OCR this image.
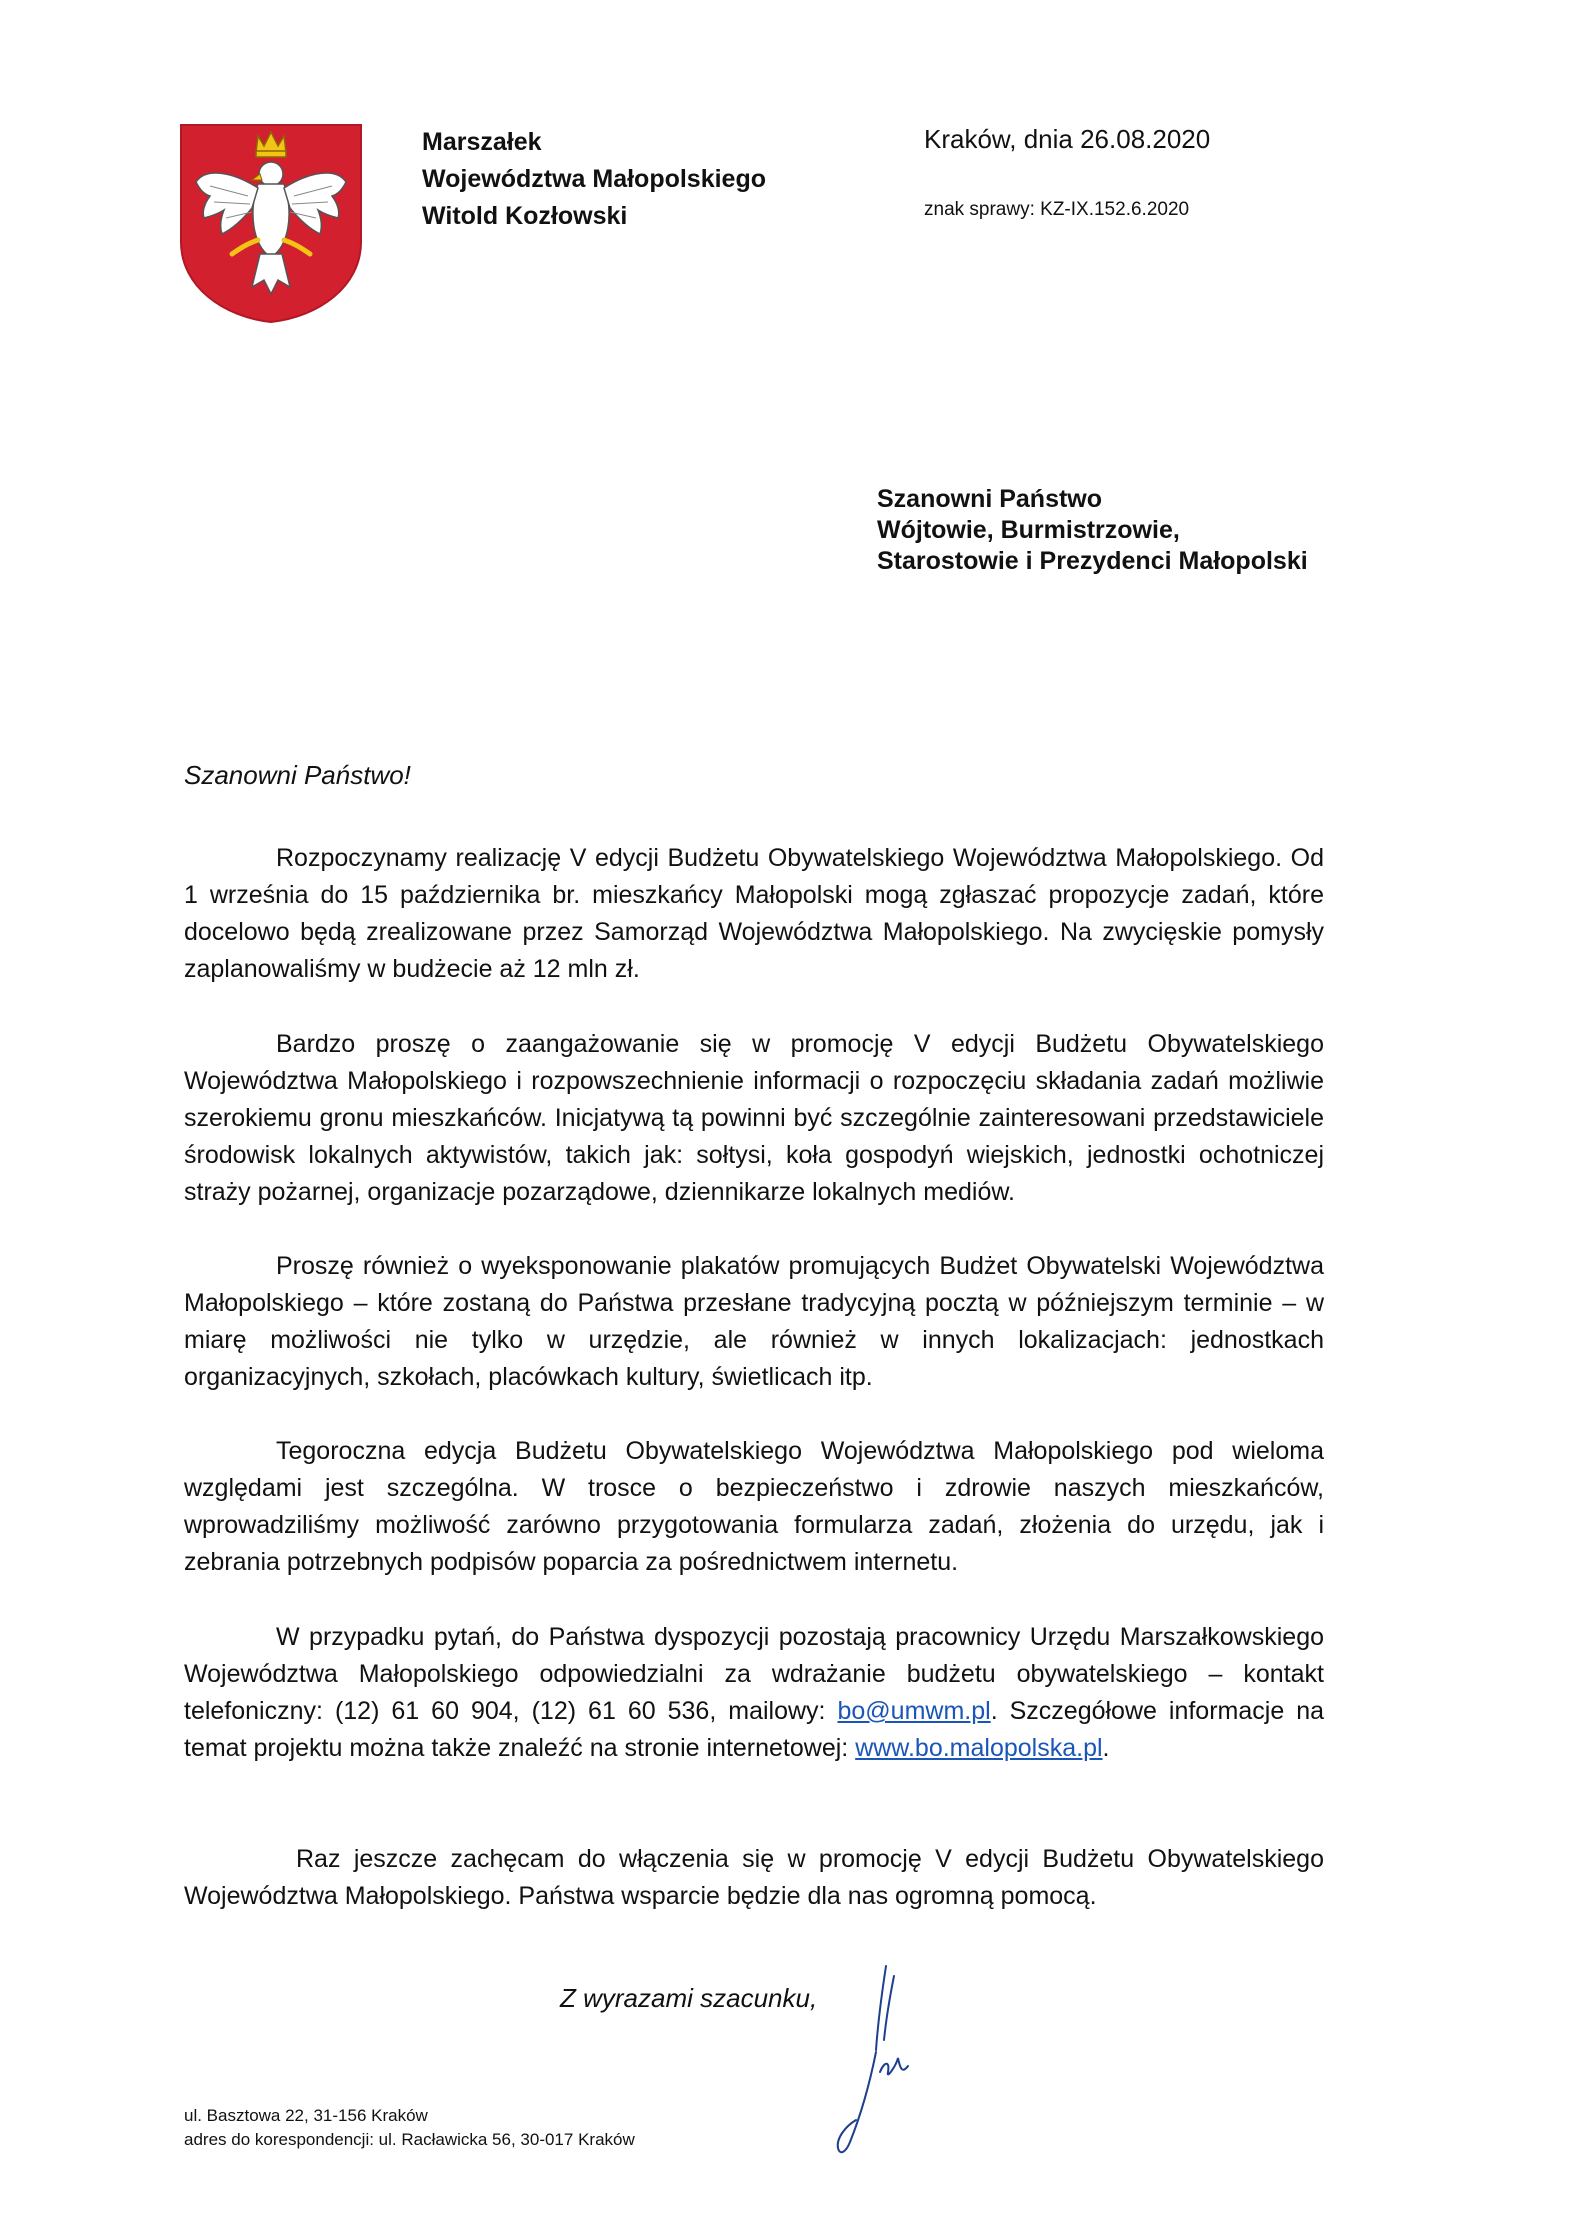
Marszałek
Województwa Małopolskiego
Witold Kozłowski
Kraków, dnia 26.08.2020
znak sprawy: KZ-IX.152.6.2020
Szanowni Państwo
Wójtowie, Burmistrzowie,
Starostowie i Prezydenci Małopolski
Szanowni Państwo!
Rozpoczynamy realizację V edycji Budżetu Obywatelskiego Województwa Małopolskiego. Od 1 września do 15 października br. mieszkańcy Małopolski mogą zgłaszać propozycje zadań, które docelowo będą zrealizowane przez Samorząd Województwa Małopolskiego. Na zwycięskie pomysły zaplanowaliśmy w budżecie aż 12 mln zł.
Bardzo proszę o zaangażowanie się w promocję V edycji Budżetu Obywatelskiego Województwa Małopolskiego i rozpowszechnienie informacji o rozpoczęciu składania zadań możliwie szerokiemu gronu mieszkańców. Inicjatywą tą powinni być szczególnie zainteresowani przedstawiciele środowisk lokalnych aktywistów, takich jak: sołtysi, koła gospodyń wiejskich, jednostki ochotniczej straży pożarnej, organizacje pozarządowe, dziennikarze lokalnych mediów.
Proszę również o wyeksponowanie plakatów promujących Budżet Obywatelski Województwa Małopolskiego – które zostaną do Państwa przesłane tradycyjną pocztą w późniejszym terminie – w miarę możliwości nie tylko w urzędzie, ale również w innych lokalizacjach: jednostkach organizacyjnych, szkołach, placówkach kultury, świetlicach itp.
Tegoroczna edycja Budżetu Obywatelskiego Województwa Małopolskiego pod wieloma względami jest szczególna. W trosce o bezpieczeństwo i zdrowie naszych mieszkańców, wprowadziliśmy możliwość zarówno przygotowania formularza zadań, złożenia do urzędu, jak i zebrania potrzebnych podpisów poparcia za pośrednictwem internetu.
W przypadku pytań, do Państwa dyspozycji pozostają pracownicy Urzędu Marszałkowskiego Województwa Małopolskiego odpowiedzialni za wdrażanie budżetu obywatelskiego – kontakt telefoniczny: (12) 61 60 904, (12) 61 60 536, mailowy: bo@umwm.pl. Szczegółowe informacje na temat projektu można także znaleźć na stronie internetowej: www.bo.malopolska.pl.
Raz jeszcze zachęcam do włączenia się w promocję V edycji Budżetu Obywatelskiego Województwa Małopolskiego. Państwa wsparcie będzie dla nas ogromną pomocą.
Z wyrazami szacunku,
ul. Basztowa 22, 31-156 Kraków
adres do korespondencji: ul. Racławicka 56, 30-017 Kraków
